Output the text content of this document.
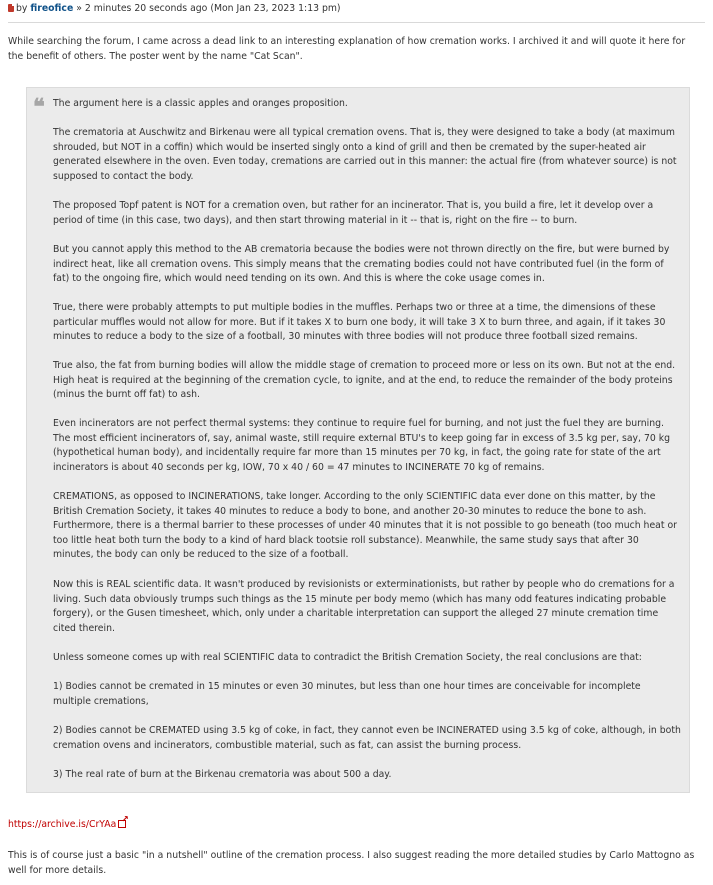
by fireofice » 2 minutes 20 seconds ago (Mon Jan 23, 2023 1:13 pm)

While searching the forum, I came across a dead link to an interesting explanation of how cremation works. I archived it and will quote it here for the benefit of others. The poster went by the name "Cat Scan".

❝ The argument here is a classic apples and oranges proposition.

The crematoria at Auschwitz and Birkenau were all typical cremation ovens. That is, they were designed to take a body (at maximum shrouded, but NOT in a coffin) which would be inserted singly onto a kind of grill and then be cremated by the super-heated air generated elsewhere in the oven. Even today, cremations are carried out in this manner: the actual fire (from whatever source) is not supposed to contact the body.

The proposed Topf patent is NOT for a cremation oven, but rather for an incinerator. That is, you build a fire, let it develop over a period of time (in this case, two days), and then start throwing material in it -- that is, right on the fire -- to burn.

But you cannot apply this method to the AB crematoria because the bodies were not thrown directly on the fire, but were burned by indirect heat, like all cremation ovens. This simply means that the cremating bodies could not have contributed fuel (in the form of fat) to the ongoing fire, which would need tending on its own. And this is where the coke usage comes in.

True, there were probably attempts to put multiple bodies in the muffles. Perhaps two or three at a time, the dimensions of these particular muffles would not allow for more. But if it takes X to burn one body, it will take 3 X to burn three, and again, if it takes 30 minutes to reduce a body to the size of a football, 30 minutes with three bodies will not produce three football sized remains.

True also, the fat from burning bodies will allow the middle stage of cremation to proceed more or less on its own. But not at the end. High heat is required at the beginning of the cremation cycle, to ignite, and at the end, to reduce the remainder of the body proteins (minus the burnt off fat) to ash.

Even incinerators are not perfect thermal systems: they continue to require fuel for burning, and not just the fuel they are burning. The most efficient incinerators of, say, animal waste, still require external BTU's to keep going far in excess of 3.5 kg per, say, 70 kg (hypothetical human body), and incidentally require far more than 15 minutes per 70 kg, in fact, the going rate for state of the art incinerators is about 40 seconds per kg, IOW, 70 x 40 / 60 = 47 minutes to INCINERATE 70 kg of remains.

CREMATIONS, as opposed to INCINERATIONS, take longer. According to the only SCIENTIFIC data ever done on this matter, by the British Cremation Society, it takes 40 minutes to reduce a body to bone, and another 20-30 minutes to reduce the bone to ash. Furthermore, there is a thermal barrier to these processes of under 40 minutes that it is not possible to go beneath (too much heat or too little heat both turn the body to a kind of hard black tootsie roll substance). Meanwhile, the same study says that after 30 minutes, the body can only be reduced to the size of a football.

Now this is REAL scientific data. It wasn't produced by revisionists or exterminationists, but rather by people who do cremations for a living. Such data obviously trumps such things as the 15 minute per body memo (which has many odd features indicating probable forgery), or the Gusen timesheet, which, only under a charitable interpretation can support the alleged 27 minute cremation time cited therein.

Unless someone comes up with real SCIENTIFIC data to contradict the British Cremation Society, the real conclusions are that:

1) Bodies cannot be cremated in 15 minutes or even 30 minutes, but less than one hour times are conceivable for incomplete multiple cremations,

2) Bodies cannot be CREMATED using 3.5 kg of coke, in fact, they cannot even be INCINERATED using 3.5 kg of coke, although, in both cremation ovens and incinerators, combustible material, such as fat, can assist the burning process.

3) The real rate of burn at the Birkenau crematoria was about 500 a day.

https://archive.is/CrYAa↗

This is of course just a basic "in a nutshell" outline of the cremation process. I also suggest reading the more detailed studies by Carlo Mattogno as well for more details.
